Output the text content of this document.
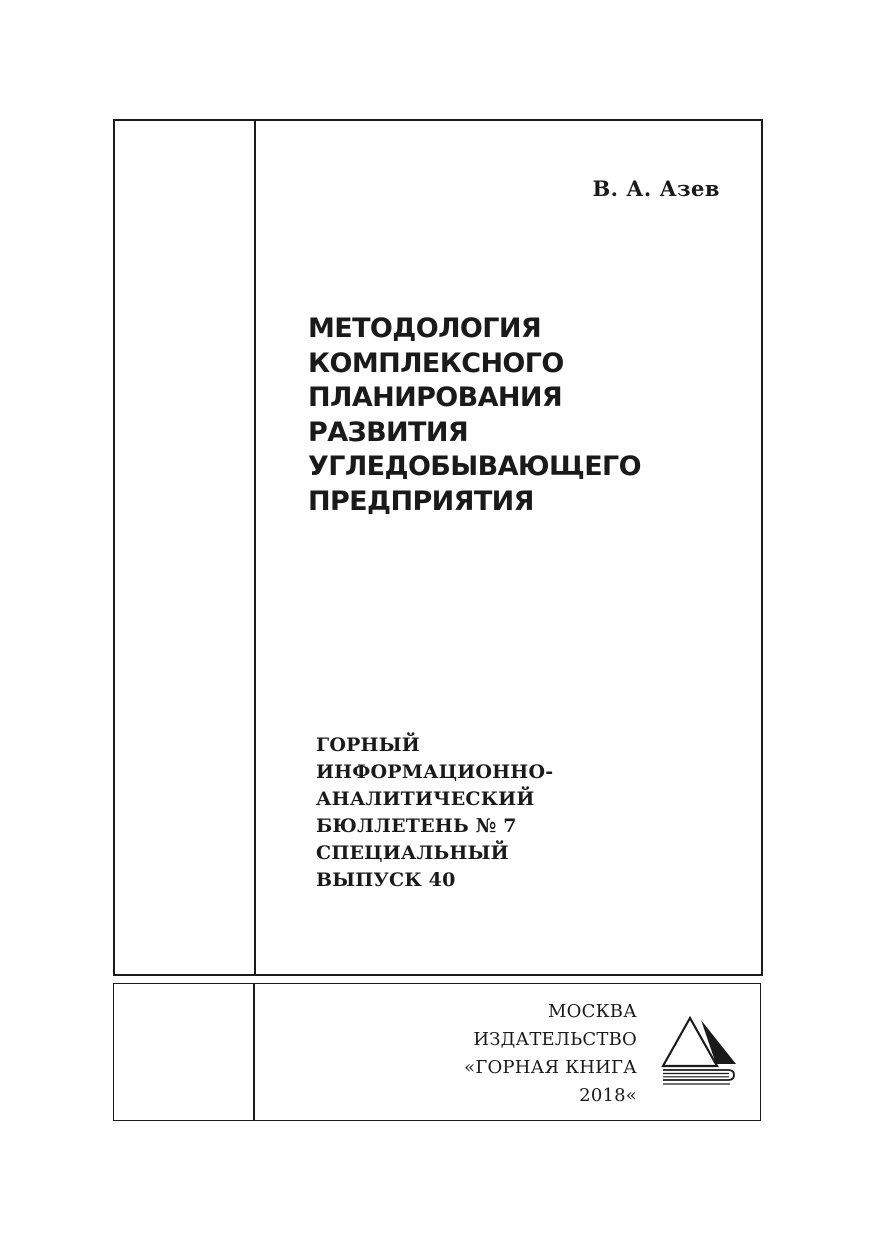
В. А. Азев

МЕТОДОЛОГИЯ
КОМПЛЕКСНОГО
ПЛАНИРОВАНИЯ
РАЗВИТИЯ
УГЛЕДОБЫВАЮЩЕГО
ПРЕДПРИЯТИЯ
ГОРНЫЙ
ИНФОРМАЦИОННО-
АНАЛИТИЧЕСКИЙ
БЮЛЛЕТЕНЬ № 7
СПЕЦИАЛЬНЫЙ
ВЫПУСК 40
МОСКВА
ИЗДАТЕЛЬСТВО
«ГОРНАЯ КНИГА
2018«
